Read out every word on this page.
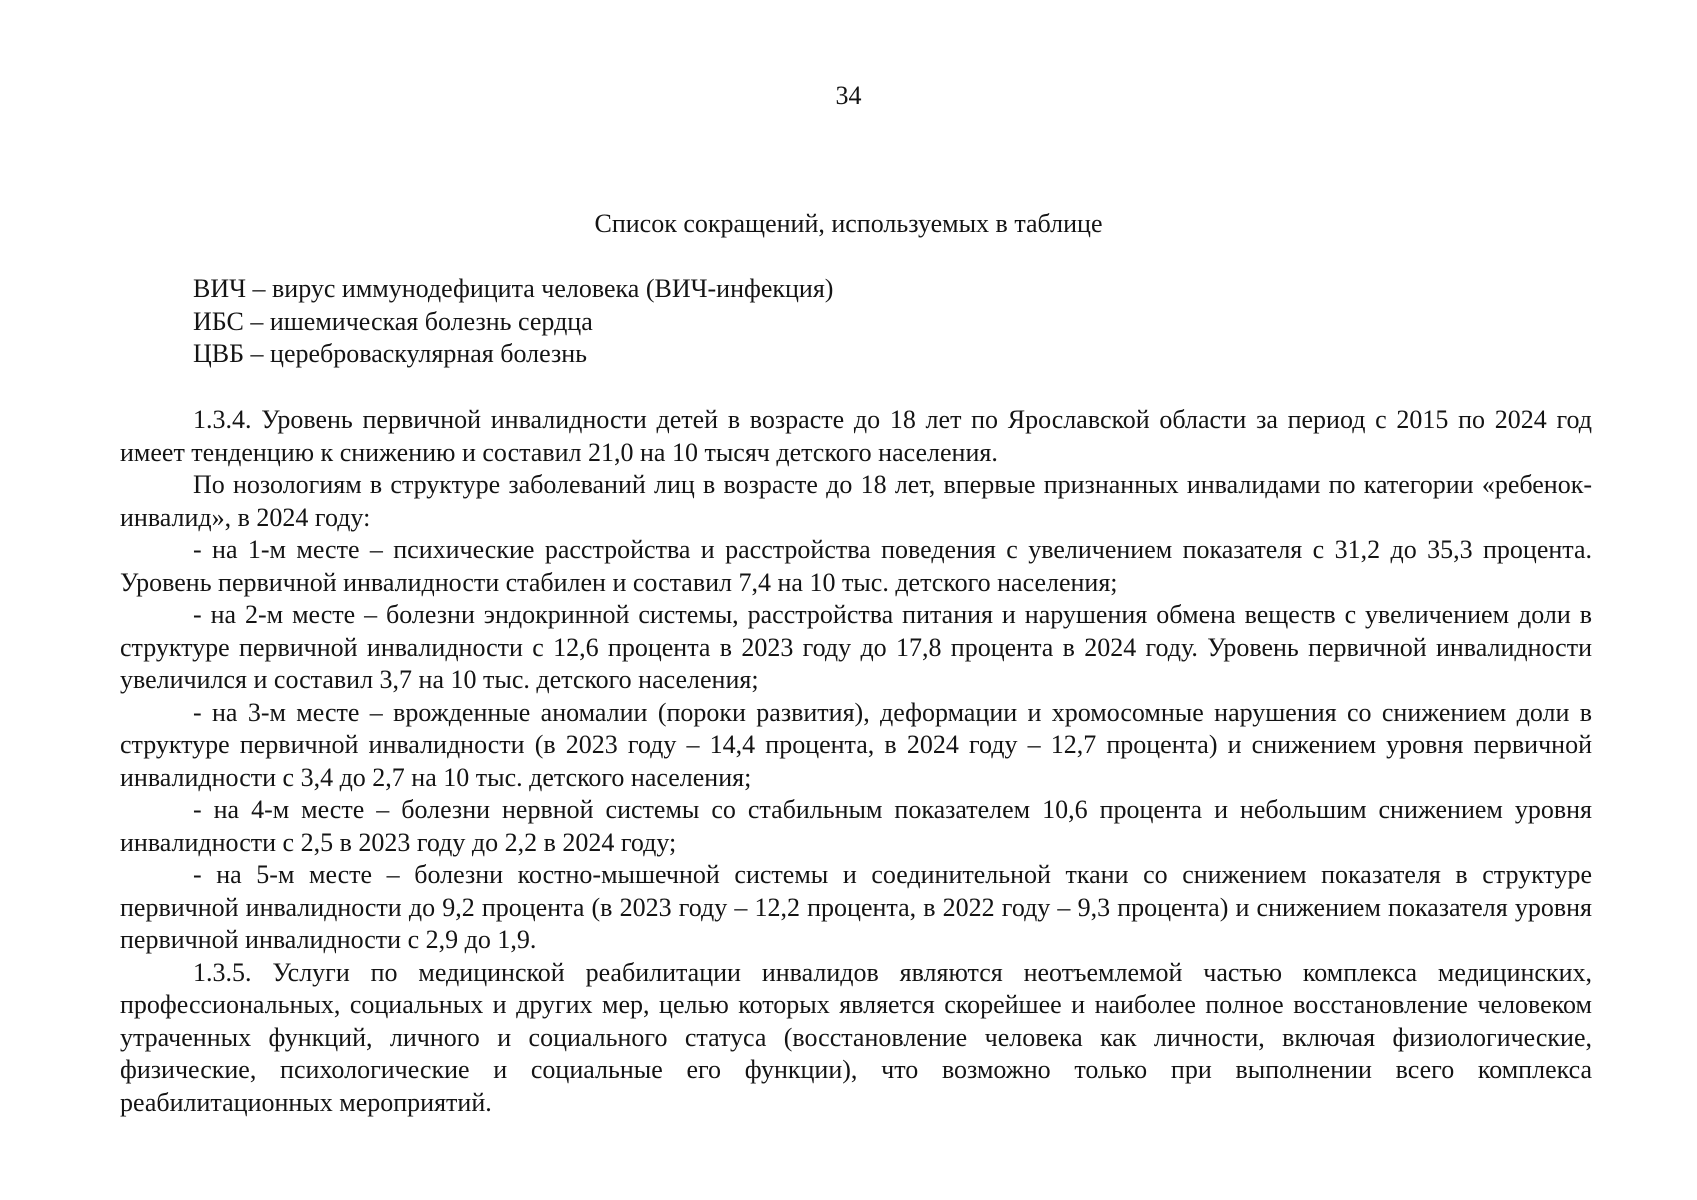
34
Список сокращений, используемых в таблице
ВИЧ – вирус иммунодефицита человека (ВИЧ-инфекция)
ИБС – ишемическая болезнь сердца
ЦВБ – цереброваскулярная болезнь

1.3.4. Уровень первичной инвалидности детей в возрасте до 18 лет по Ярославской области за период с 2015 по 2024 год имеет тенденцию к снижению и составил 21,0 на 10 тысяч детского населения.

По нозологиям в структуре заболеваний лиц в возрасте до 18 лет, впервые признанных инвалидами по категории «ребенок-инвалид», в 2024 году:

- на 1-м месте – психические расстройства и расстройства поведения с увеличением показателя с 31,2 до 35,3 процента. Уровень первичной инвалидности стабилен и составил 7,4 на 10 тыс. детского населения;

- на 2-м месте – болезни эндокринной системы, расстройства питания и нарушения обмена веществ с увеличением доли в структуре первичной инвалидности с 12,6 процента в 2023 году до 17,8 процента в 2024 году. Уровень первичной инвалидности увеличился и составил 3,7 на 10 тыс. детского населения;

- на 3-м месте – врожденные аномалии (пороки развития), деформации и хромосомные нарушения со снижением доли в структуре первичной инвалидности (в 2023 году – 14,4 процента, в 2024 году – 12,7 процента) и снижением уровня первичной инвалидности с 3,4 до 2,7 на 10 тыс. детского населения;

- на 4-м месте – болезни нервной системы со стабильным показателем 10,6 процента и небольшим снижением уровня инвалидности с 2,5 в 2023 году до 2,2 в 2024 году;

- на 5-м месте – болезни костно-мышечной системы и соединительной ткани со снижением показателя в структуре первичной инвалидности до 9,2 процента (в 2023 году – 12,2 процента, в 2022 году – 9,3 процента) и снижением показателя уровня первичной инвалидности с 2,9 до 1,9.

1.3.5. Услуги по медицинской реабилитации инвалидов являются неотъемлемой частью комплекса медицинских, профессиональных, социальных и других мер, целью которых является скорейшее и наиболее полное восстановление человеком утраченных функций, личного и социального статуса (восстановление человека как личности, включая физиологические, физические, психологические и социальные его функции), что возможно только при выполнении всего комплекса реабилитационных мероприятий.
